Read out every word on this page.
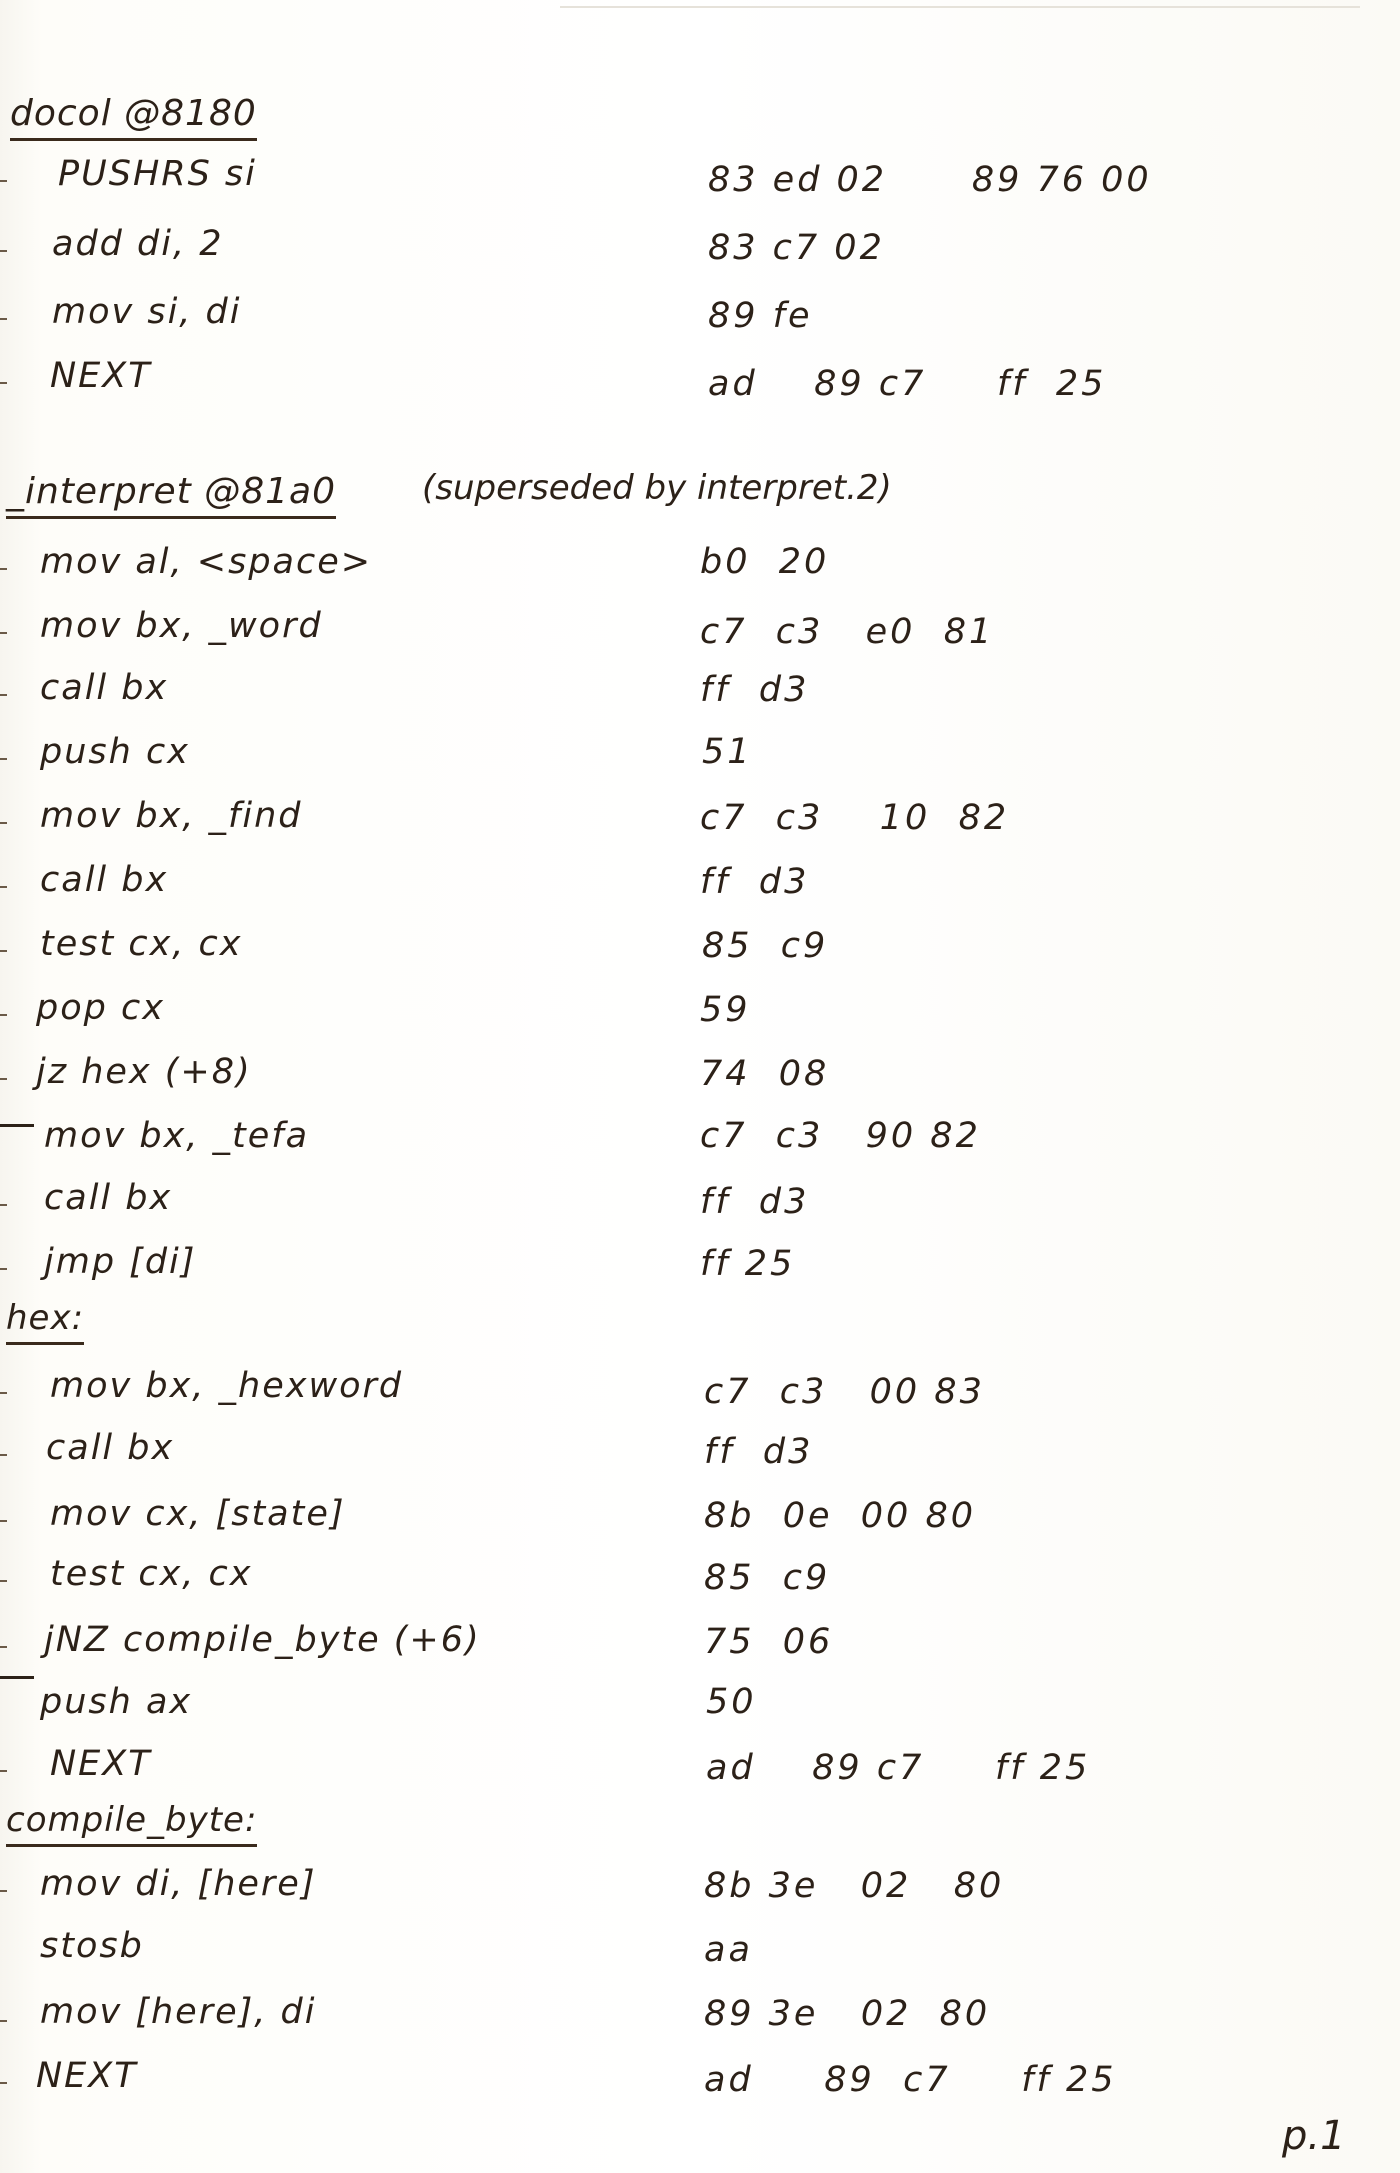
docol @8180
PUSHRS si	83 ed 02      89 76 00
add di, 2	83 c7 02
mov si, di	89 fe
NEXT	ad    89 c7     ff  25
_interpret @81a0	(superseded by interpret.2)
mov al, <space>	b0  20
mov bx, _word	c7  c3   e0  81
call bx	ff  d3
push cx	51
mov bx, _find	c7  c3    10  82
call bx	ff  d3
test cx, cx	85  c9
pop cx	59
jz hex (+8)	74  08
mov bx, _tefa	c7  c3   90 82
call bx	ff  d3
jmp [di]	ff 25
hex:
mov bx, _hexword	c7  c3   00 83
call bx	ff  d3
mov cx, [state]	8b  0e  00 80
test cx, cx	85  c9
jNZ compile_byte (+6)	75  06
push ax	50
NEXT	ad    89 c7     ff 25
compile_byte:
mov di, [here]	8b 3e   02   80
stosb	aa
mov [here], di	89 3e   02  80
NEXT	ad     89  c7     ff 25
p.1
